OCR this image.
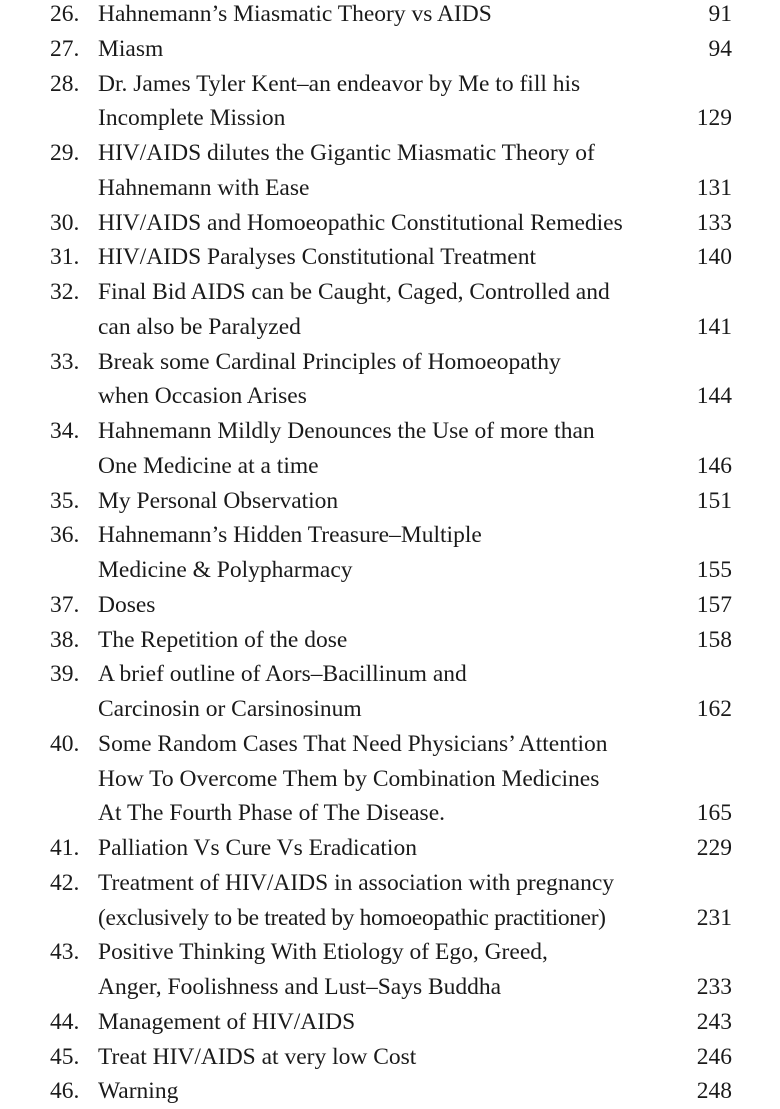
26. Hahnemann’s Miasmatic Theory vs AIDS	91
27. Miasm	94
28. Dr. James Tyler Kent–an endeavor by Me to fill his
Incomplete Mission	129
29. HIV/AIDS dilutes the Gigantic Miasmatic Theory of
Hahnemann with Ease	131
30. HIV/AIDS and Homoeopathic Constitutional Remedies	133
31. HIV/AIDS Paralyses Constitutional Treatment	140
32. Final Bid AIDS can be Caught, Caged, Controlled and
can also be Paralyzed	141
33. Break some Cardinal Principles of Homoeopathy
when Occasion Arises	144
34. Hahnemann Mildly Denounces the Use of more than
One Medicine at a time	146
35. My Personal Observation	151
36. Hahnemann’s Hidden Treasure–Multiple
Medicine & Polypharmacy	155
37. Doses	157
38. The Repetition of the dose	158
39. A brief outline of Aors–Bacillinum and
Carcinosin or Carsinosinum	162
40. Some Random Cases That Need Physicians’ Attention
How To Overcome Them by Combination Medicines
At The Fourth Phase of The Disease.	165
41. Palliation Vs Cure Vs Eradication	229
42. Treatment of HIV/AIDS in association with pregnancy
(exclusively to be treated by homoeopathic practitioner)	231
43. Positive Thinking With Etiology of Ego, Greed,
Anger, Foolishness and Lust–Says Buddha	233
44. Management of HIV/AIDS	243
45. Treat HIV/AIDS at very low Cost	246
46. Warning	248
